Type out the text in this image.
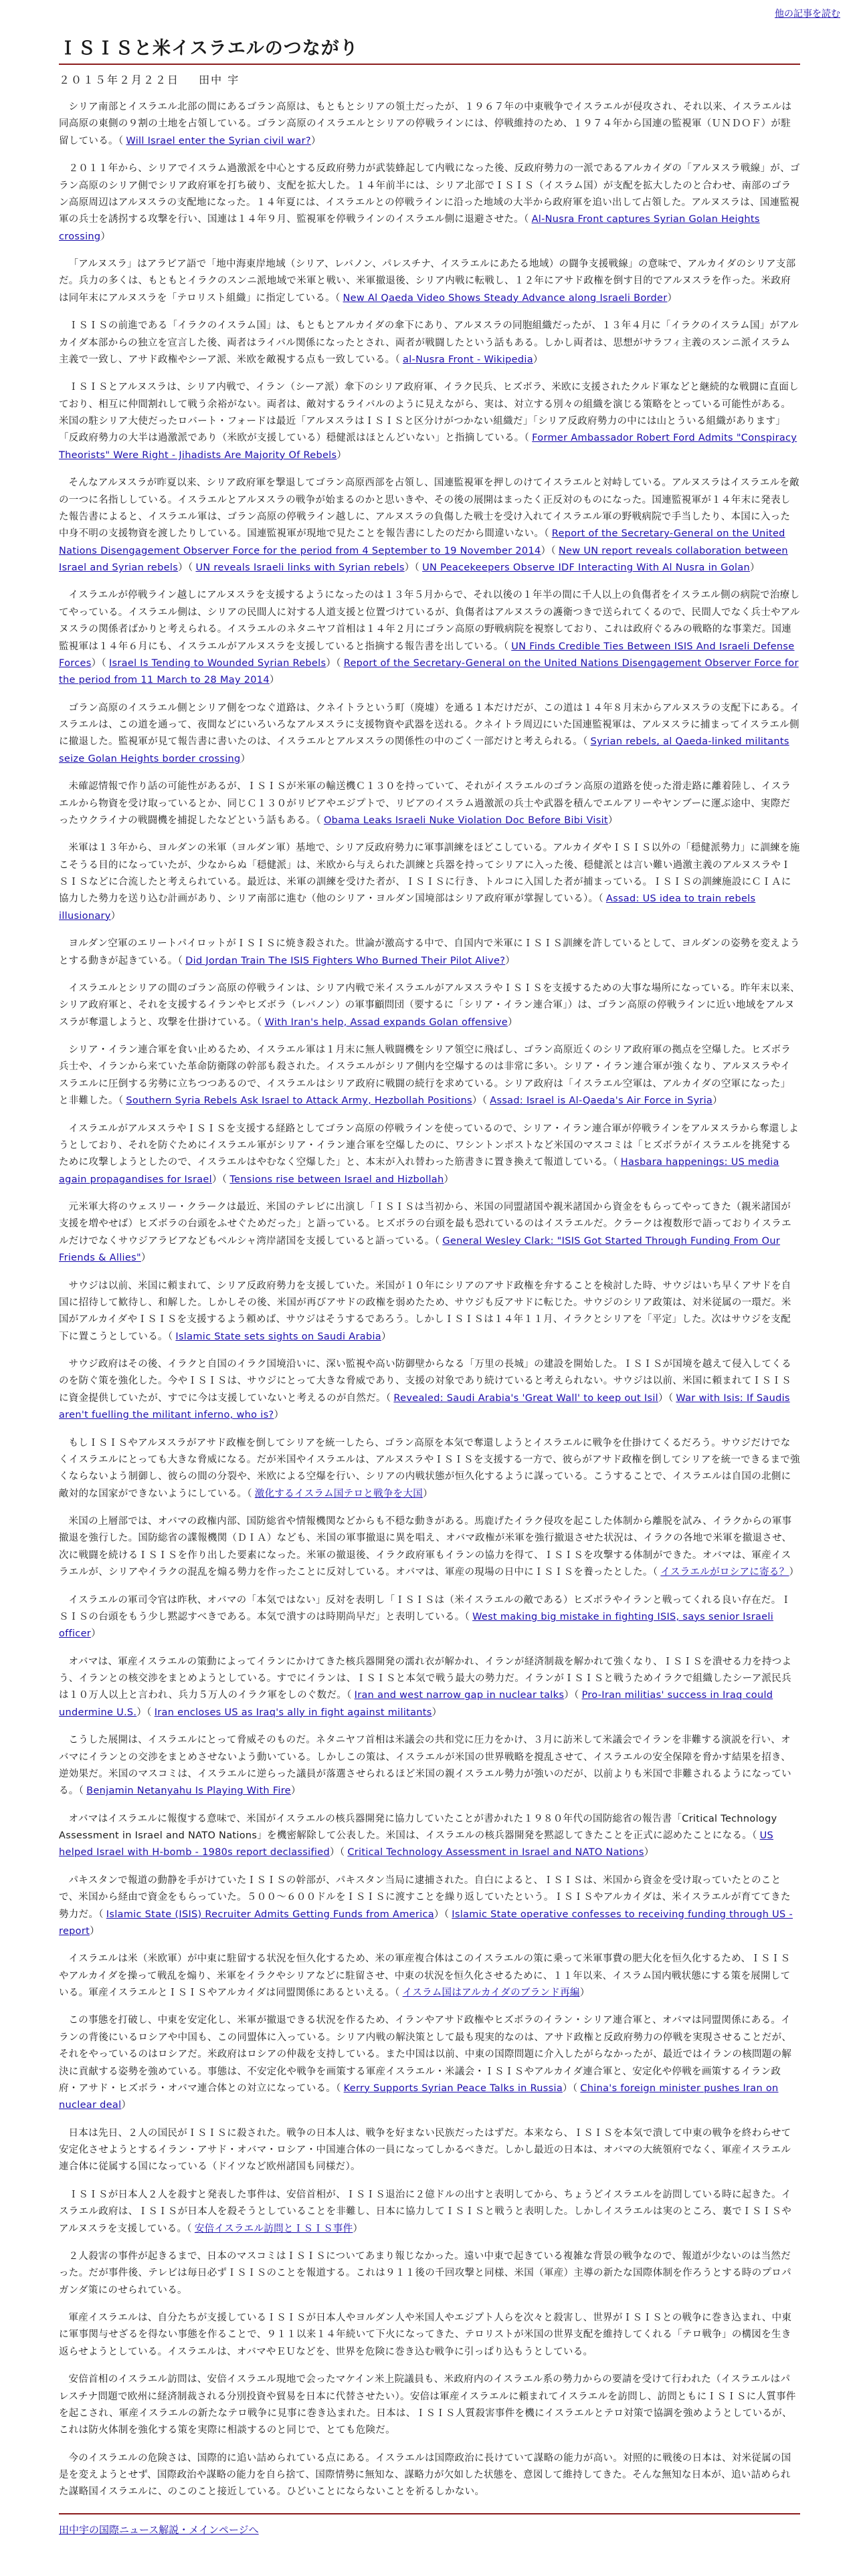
他の記事を読む
ＩＳＩＳと米イスラエルのつながり
２０１５年２月２２日 田中 宇

シリア南部とイスラエル北部の間にあるゴラン高原は、もともとシリアの領土だったが、１９６７年の中東戦争でイスラエルが侵攻され、それ以来、イスラエルは同高原の東側の９割の土地を占領している。ゴラン高原のイスラエルとシリアの停戦ラインには、停戦維持のため、１９７４年から国連の監視軍（ＵＮＤＯＦ）が駐留している。（ Will Israel enter the Syrian civil war?）

２０１１年から、シリアでイスラム過激派を中心とする反政府勢力が武装蜂起して内戦になった後、反政府勢力の一派であるアルカイダの「アルヌスラ戦線」が、ゴラン高原のシリア側でシリア政府軍を打ち破り、支配を拡大した。１４年前半には、シリア北部でＩＳＩＳ（イスラム国）が支配を拡大したのと合わせ、南部のゴラン高原周辺はアルヌスラの支配地になった。１４年夏には、イスラエルとの停戦ラインに沿った地域の大半から政府軍を追い出して占領した。アルヌスラは、国連監視軍の兵士を誘拐する攻撃を行い、国連は１４年９月、監視軍を停戦ラインのイスラエル側に退避させた。（ Al-Nusra Front captures Syrian Golan Heights crossing）

「アルヌスラ」はアラビア語で「地中海東岸地域（シリア、レバノン、パレスチナ、イスラエルにあたる地域）の闘争支援戦線」の意味で、アルカイダのシリア支部だ。兵力の多くは、もともとイラクのスンニ派地域で米軍と戦い、米軍撤退後、シリア内戦に転戦し、１２年にアサド政権を倒す目的でアルヌスラを作った。米政府は同年末にアルヌスラを「テロリスト組織」に指定している。（ New Al Qaeda Video Shows Steady Advance along Israeli Border）

ＩＳＩＳの前進である「イラクのイスラム国」は、もともとアルカイダの傘下にあり、アルヌスラの同胞組織だったが、１３年４月に「イラクのイスラム国」がアルカイダ本部からの独立を宣言した後、両者はライバル関係になったとされ、両者が戦闘したという話もある。しかし両者は、思想がサラフィ主義のスンニ派イスラム主義で一致し、アサド政権やシーア派、米欧を敵視する点も一致している。（ al-Nusra Front - Wikipedia）

ＩＳＩＳとアルヌスラは、シリア内戦で、イラン（シーア派）傘下のシリア政府軍、イラク民兵、ヒズボラ、米欧に支援されたクルド軍などと継続的な戦闘に直面しており、相互に仲間割れして戦う余裕がない。両者は、敵対するライバルのように見えながら、実は、対立する別々の組織を演じる策略をとっている可能性がある。米国の駐シリア大使だったロバート・フォードは最近「アルヌスラはＩＳＩＳと区分けがつかない組織だ」「シリア反政府勢力の中には山とういる組織があります」「反政府勢力の大半は過激派であり（米欧が支援している）穏健派はほとんどいない」と指摘している。（ Former Ambassador Robert Ford Admits "Conspiracy Theorists" Were Right - Jihadists Are Majority Of Rebels）

そんなアルヌスラが昨夏以来、シリア政府軍を撃退してゴラン高原西部を占領し、国連監視軍を押しのけてイスラエルと対峙している。アルヌスラはイスラエルを敵の一つに名指ししている。イスラエルとアルヌスラの戦争が始まるのかと思いきや、その後の展開はまったく正反対のものになった。国連監視軍が１４年末に発表した報告書によると、イスラエル軍は、ゴラン高原の停戦ライン越しに、アルヌスラの負傷した戦士を受け入れてイスラエル軍の野戦病院で手当したり、本国に入った中身不明の支援物資を渡したりしている。国連監視軍が現地で見たことを報告書にしたのだから間違いない。（ Report of the Secretary-General on the United Nations Disengagement Observer Force for the period from 4 September to 19 November 2014）（ New UN report reveals collaboration between Israel and Syrian rebels）（ UN reveals Israeli links with Syrian rebels）（ UN Peacekeepers Observe IDF Interacting With Al Nusra in Golan）

イスラエルが停戦ライン越しにアルヌスラを支援するようになったのは１３年５月からで、それ以後の１年半の間に千人以上の負傷者をイスラエル側の病院で治療してやっている。イスラエル側は、シリアの民間人に対する人道支援と位置づけているが、負傷者はアルヌスラの護衛つきで送られてくるので、民間人でなく兵士やアルヌスラの関係者ばかりと考えられる。イスラエルのネタニヤフ首相は１４年２月にゴラン高原の野戦病院を視察しており、これは政府ぐるみの戦略的な事業だ。国連監視軍は１４年６月にも、イスラエルがアルヌスラを支援していると指摘する報告書を出している。（ UN Finds Credible Ties Between ISIS And Israeli Defense Forces）（ Israel Is Tending to Wounded Syrian Rebels）（ Report of the Secretary-General on the United Nations Disengagement Observer Force for the period from 11 March to 28 May 2014）

ゴラン高原のイスラエル側とシリア側をつなぐ道路は、クネイトラという町（廃墟）を通る１本だけだが、この道は１４年８月末からアルヌスラの支配下にある。イスラエルは、この道を通って、夜間などにいろいろなアルヌスラに支援物資や武器を送れる。クネイトラ周辺にいた国連監視軍は、アルヌスラに捕まってイスラエル側に撤退した。監視軍が見て報告書に書いたのは、イスラエルとアルヌスラの関係性の中のごく一部だけと考えられる。（ Syrian rebels, al Qaeda-linked militants seize Golan Heights border crossing）

未確認情報で作り話の可能性があるが、ＩＳＩＳが米軍の輸送機Ｃ１３０を持っていて、それがイスラエルのゴラン高原の道路を使った滑走路に離着陸し、イスラエルから物資を受け取っているとか、同じＣ１３０がリビアやエジプトで、リビアのイスラム過激派の兵士や武器を積んでエルアリーやヤンブーに運ぶ途中、実際だったウクライナの戦闘機を捕捉したなどという話もある。（ Obama Leaks Israeli Nuke Violation Doc Before Bibi Visit）

米軍は１３年から、ヨルダンの米軍（ヨルダン軍）基地で、シリア反政府勢力に軍事訓練をほどこしている。アルカイダやＩＳＩＳ以外の「穏健派勢力」に訓練を施こそうる目的になっていたが、少なからぬ「穏健派」は、米欧から与えられた訓練と兵器を持ってシリアに入った後、穏健派とは言い難い過激主義のアルヌスラやＩＳＩＳなどに合流したと考えられている。最近は、米軍の訓練を受けた者が、ＩＳＩＳに行き、トルコに入国した者が捕まっている。ＩＳＩＳの訓練施設にＣＩＡに協力した勢力を送り込む計画があり、シリア南部に進む（他のシリア・ヨルダン国境部はシリア政府軍が掌握している）。（ Assad: US idea to train rebels illusionary）

ヨルダン空軍のエリートパイロットがＩＳＩＳに焼き殺された。世論が激高する中で、自国内で米軍にＩＳＩＳ訓練を許しているとして、ヨルダンの姿勢を変えようとする動きが起きている。（ Did Jordan Train The ISIS Fighters Who Burned Their Pilot Alive?）

イスラエルとシリアの間のゴラン高原の停戦ラインは、シリア内戦で米イスラエルがアルヌスラやＩＳＩＳを支援するための大事な場所になっている。昨年末以来、シリア政府軍と、それを支援するイランやヒズボラ（レバノン）の軍事顧問団（要するに「シリア・イラン連合軍」）は、ゴラン高原の停戦ラインに近い地域をアルヌスラが奪還しようと、攻撃を仕掛けている。（ With Iran's help, Assad expands Golan offensive）

シリア・イラン連合軍を食い止めるため、イスラエル軍は１月末に無人戦闘機をシリア領空に飛ばし、ゴラン高原近くのシリア政府軍の拠点を空爆した。ヒズボラ兵士や、イランから来ていた革命防衛隊の幹部も殺された。イスラエルがシリア側内を空爆するのは非常に多い。シリア・イラン連合軍が強くなり、アルヌスラやイスラエルに圧倒する劣勢に立ちつつあるので、イスラエルはシリア政府に戦闘の続行を求めている。シリア政府は「イスラエル空軍は、アルカイダの空軍になった」と非難した。（ Southern Syria Rebels Ask Israel to Attack Army, Hezbollah Positions）（ Assad: Israel is Al-Qaeda's Air Force in Syria）

イスラエルがアルヌスラやＩＳＩＳを支援する経路としてゴラン高原の停戦ラインを使っているので、シリア・イラン連合軍が停戦ラインをアルヌスラから奪還しようとしており、それを防ぐためにイスラエル軍がシリア・イラン連合軍を空爆したのに、ワシントンポストなど米国のマスコミは「ヒズボラがイスラエルを挑発するために攻撃しようとしたので、イスラエルはやむなく空爆した」と、本末が入れ替わった筋書きに置き換えて報道している。（ Hasbara happenings: US media again propagandises for Israel）（ Tensions rise between Israel and Hizbollah）

元米軍大将のウェスリー・クラークは最近、米国のテレビに出演し「ＩＳＩＳは当初から、米国の同盟諸国や親米諸国から資金をもらってやってきた（親米諸国が支援を増やせば）ヒズボラの台頭をふせぐためだった」と語っている。ヒズボラの台頭を最も恐れているのはイスラエルだ。クラークは複数形で語っておりイスラエルだけでなくサウジアラビアなどもペルシャ湾岸諸国を支援していると語っている。（ General Wesley Clark: "ISIS Got Started Through Funding From Our Friends & Allies"）

サウジは以前、米国に頼まれて、シリア反政府勢力を支援していた。米国が１０年にシリアのアサド政権を弁することを検討した時、サウジはいち早くアサドを自国に招待して歓待し、和解した。しかしその後、米国が再びアサドの政権を弱めたため、サウジも反アサドに転じた。サウジのシリア政策は、対米従属の一環だ。米国がアルカイダやＩＳＩＳを支援するよう頼めば、サウジはそうするであろう。しかしＩＳＩＳは１４年１１月、イラクとシリアを「平定」した。次はサウジを支配下に置こうとしている。（ Islamic State sets sights on Saudi Arabia）

サウジ政府はその後、イラクと自国のイラク国境沿いに、深い監視や高い防御壁からなる「万里の長城」の建設を開始した。ＩＳＩＳが国境を越えて侵入してくるのを防ぐ策を強化した。今やＩＳＩＳは、サウジにとって大きな脅威であり、支援の対象であり続けていると考えられない。サウジは以前、米国に頼まれてＩＳＩＳに資金提供していたが、すでに今は支援していないと考えるのが自然だ。（ Revealed: Saudi Arabia's 'Great Wall' to keep out Isil）（ War with Isis: If Saudis aren't fuelling the militant inferno, who is?）

もしＩＳＩＳやアルヌスラがアサド政権を倒してシリアを統一したら、ゴラン高原を本気で奪還しようとイスラエルに戦争を仕掛けてくるだろう。サウジだけでなくイスラエルにとっても大きな脅威になる。だが米国やイスラエルは、アルヌスラやＩＳＩＳを支援する一方で、彼らがアサド政権を倒してシリアを統一できるまで強くならないよう制御し、彼らの間の分裂や、米欧による空爆を行い、シリアの内戦状態が恒久化するように謀っている。こうすることで、イスラエルは自国の北側に敵対的な国家ができないようにしている。（ 激化するイスラム国テロと戦争を大国）

米国の上層部では、オバマの政権内部、国防総省や情報機関などからも不穏な動きがある。馬鹿げたイラク侵攻を起こした体制から離脱を試み、イラクからの軍事撤退を強行した。国防総省の諜報機関（ＤＩＡ）なども、米国の軍事撤退に異を唱え、オバマ政権が米軍を強行撤退させた状況は、イラクの各地で米軍を撤退させ、次に戦闘を続けるＩＳＩＳを作り出した要素になった。米軍の撤退後、イラク政府軍もイランの協力を得て、ＩＳＩＳを攻撃する体制ができた。オバマは、軍産イスラエルが、シリアやイラクの混乱を煽る勢力を作ったことに反対している。オバマは、軍産の現場の日中にＩＳＩＳを養ったとした。（ イスラエルがロシアに寄る？）

イスラエルの軍司令官は昨秋、オバマの「本気ではない」反対を表明し「ＩＳＩＳは（米イスラエルの敵である）ヒズボラやイランと戦ってくれる良い存在だ。ＩＳＩＳの台頭をもう少し黙認すべきである。本気で潰すのは時期尚早だ」と表明している。（ West making big mistake in fighting ISIS, says senior Israeli officer）

オバマは、軍産イスラエルの策動によってイランにかけてきた核兵器開発の濡れ衣が解かれ、イランが経済制裁を解かれて強くなり、ＩＳＩＳを潰せる力を持つよう、イランとの核交渉をまとめようとしている。すでにイランは、ＩＳＩＳと本気で戦う最大の勢力だ。イランがＩＳＩＳと戦うためイラクで組織したシーア派民兵は１０万人以上と言われ、兵力５万人のイラク軍をしのぐ数だ。（ Iran and west narrow gap in nuclear talks）（ Pro-Iran militias' success in Iraq could undermine U.S.）（ Iran encloses US as Iraq's ally in fight against militants）

こうした展開は、イスラエルにとって脅威そのものだ。ネタニヤフ首相は米議会の共和党に圧力をかけ、３月に訪米して米議会でイランを非難する演説を行い、オバマにイランとの交渉をまとめさせないよう動いている。しかしこの策は、イスラエルが米国の世界戦略を撹乱させて、イスラエルの安全保障を脅かす結果を招き、逆効果だ。米国のマスコミは、イスラエルに逆らった議員が落選させられるほど米国の親イスラエル勢力が強いのだが、以前よりも米国で非難されるようになっている。（ Benjamin Netanyahu Is Playing With Fire）

オバマはイスラエルに報復する意味で、米国がイスラエルの核兵器開発に協力していたことが書かれた１９８０年代の国防総省の報告書「Critical Technology Assessment in Israel and NATO Nations」を機密解除して公表した。米国は、イスラエルの核兵器開発を黙認してきたことを正式に認めたことになる。（ US helped Israel with H-bomb - 1980s report declassified）（ Critical Technology Assessment in Israel and NATO Nations）

パキスタンで報道の動静を手がけていたＩＳＩＳの幹部が、パキスタン当局に逮捕された。自白によると、ＩＳＩＳは、米国から資金を受け取っていたとのことで、米国から経由で資金をもらっていた。５００～６００ドルをＩＳＩＳに渡すことを繰り返していたという。ＩＳＩＳやアルカイダは、米イスラエルが育ててきた勢力だ。（ Islamic State (ISIS) Recruiter Admits Getting Funds from America）（ Islamic State operative confesses to receiving funding through US - report）

イスラエルは米（米欧軍）が中東に駐留する状況を恒久化するため、米の軍産複合体はこのイスラエルの策に乗って米軍事費の肥大化を恒久化するため、ＩＳＩＳやアルカイダを操って戦乱を煽り、米軍をイラクやシリアなどに駐留させ、中東の状況を恒久化させるために、１１年以来、イスラム国内戦状態にする策を展開している。軍産イスラエルとＩＳＩＳやアルカイダは同盟関係にあるといえる。（ イスラム国はアルカイダのブランド再編）

この事態を打破し、中東を安定化し、米軍が撤退できる状況を作るため、イランやアサド政権やヒズボラのイラン・シリア連合軍と、オバマは同盟関係にある。イランの背後にいるロシアや中国も、この同盟体に入っている。シリア内戦の解決策として最も現実的なのは、アサド政権と反政府勢力の停戦を実現させることだが、それをやっているのはロシアだ。米政府はロシアの仲裁を支持している。また中国は以前、中東の国際問題に介入したがらなかったが、最近ではイランの核問題の解決に貢献する姿勢を強めている。事態は、不安定化や戦争を画策する軍産イスラエル・米議会・ＩＳＩＳやアルカイダ連合軍と、安定化や停戦を画策するイラン政府・アサド・ヒズボラ・オバマ連合体との対立になっている。（ Kerry Supports Syrian Peace Talks in Russia）（ China's foreign minister pushes Iran on nuclear deal）

日本は先日、２人の国民がＩＳＩＳに殺された。戦争の日本人は、戦争を好まない民族だったはずだ。本来なら、ＩＳＩＳを本気で潰して中東の戦争を終わらせて安定化させようとするイラン・アサド・オバマ・ロシア・中国連合体の一員になってしかるべきだ。しかし最近の日本は、オバマの大統領府でなく、軍産イスラエル連合体に従属する国になっている（ドイツなど欧州諸国も同様だ）。

ＩＳＩＳが日本人２人を殺すと発表した事件は、安倍首相が、ＩＳＩＳ退治に２億ドルの出すと表明してから、ちょうどイスラエルを訪問している時に起きた。イスラエル政府は、ＩＳＩＳが日本人を殺そうとしていることを非難し、日本に協力してＩＳＩＳと戦うと表明した。しかしイスラエルは実のところ、裏でＩＳＩＳやアルヌスラを支援している。（ 安倍イスラエル訪問とＩＳＩＳ事件）

２人殺害の事件が起きるまで、日本のマスコミはＩＳＩＳについてあまり報じなかった。遠い中東で起きている複雑な背景の戦争なので、報道が少ないのは当然だった。だが事件後、テレビは毎日必ずＩＳＩＳのことを報道する。これは９１１後の千回攻撃と同様、米国（軍産）主導の新たな国際体制を作ろうとする時のプロパガンダ策にのせられている。

軍産イスラエルは、自分たちが支援しているＩＳＩＳが日本人やヨルダン人や米国人やエジプト人らを次々と殺害し、世界がＩＳＩＳとの戦争に巻き込まれ、中東に軍事関与せざるを得ない事態を作ることで、９１１以来１４年続いて下火になってきた、テロリストが米国の世界支配を維持してくれる「テロ戦争」の構図を生き返らせようとしている。イスラエルは、オバマやＥＵなどを、世界を危険に巻き込む戦争に引っぱり込もうとしている。

安倍首相のイスラエル訪問は、安倍イスラエル現地で会ったマケイン米上院議員も、米政府内のイスラエル系の勢力からの要請を受けて行われた（イスラエルはパレスチナ問題で欧州に経済制裁される分別投資や貿易を日本に代替させたい）。安倍は軍産イスラエルに頼まれてイスラエルを訪問し、訪問ともにＩＳＩＳに人質事件を起こされ、軍産イスラエルの新たなテロ戦争に見事に巻き込まれた。日本は、ＩＳＩＳ人質殺害事件を機にイスラエルとテロ対策で協調を強めようとしているが、これは防火体制を強化する策を実際に相談するのと同じで、とても危険だ。

今のイスラエルの危険さは、国際的に追い詰められている点にある。イスラエルは国際政治に長けていて謀略の能力が高い。対照的に戦後の日本は、対米従属の国是を変えようとせず、国際政治や謀略の能力を自ら捨て、国際情勢に無知な、謀略力が欠如した状態を、意図して維持してきた。そんな無知な日本が、追い詰められた謀略国イスラエルに、のこのこと接近している。ひどいことにならないことを祈るしかない。

田中宇の国際ニュース解説・メインページへ
